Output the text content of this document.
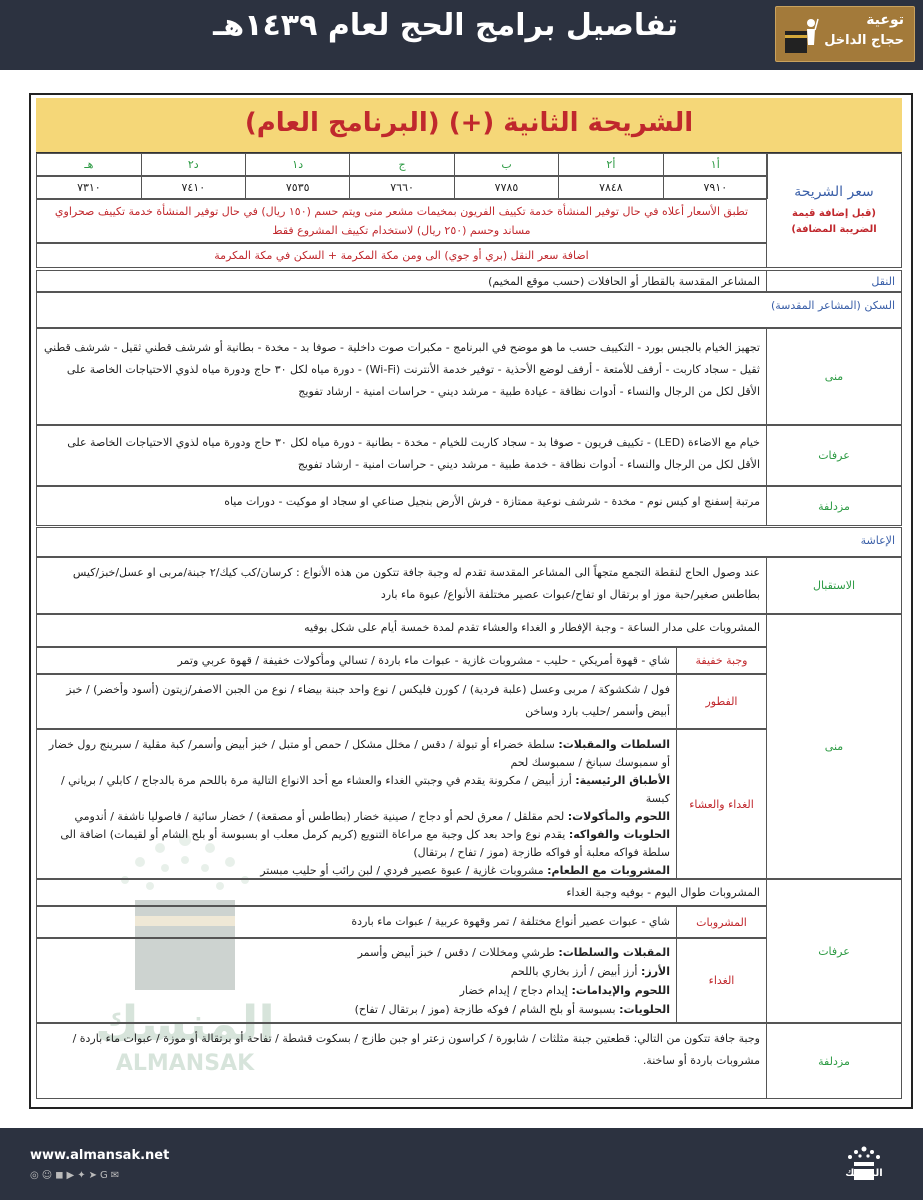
تفاصيل برامج الحج لعام ١٤٣٩هـ	توعية
حجاج الداخل
المنسك
ALMANSAK
الشريحة الثانية (+) (البرنامج العام)
سعر الشريحة
(قبل إضافة قيمة الضريبة المضافة)
أ١
٧٩١٠
أ٢
٧٨٤٨
ب
٧٧٨٥
ج
٧٦٦٠
د١
٧٥٣٥
د٢
٧٤١٠
هـ
٧٣١٠
تطبق الأسعار أعلاه في حال توفير المنشأة خدمة تكييف الفريون بمخيمات مشعر منى ويتم حسم (١٥٠ ريال) في حال توفير المنشأة خدمة تكييف صحراوي مساند وحسم (٢٥٠ ريال) لاستخدام تكييف المشروع فقط
اضافة سعر النقل (بري أو جوي) الى ومن مكة المكرمة + السكن في مكة المكرمة
النقل
المشاعر المقدسة بالقطار أو الحافلات (حسب موقع المخيم)
السكن (المشاعر المقدسة)
منى
تجهيز الخيام بالجبس بورد - التكييف حسب ما هو موضح في البرنامج - مكبرات صوت داخلية - صوفا بد - مخدة - بطانية أو شرشف قطني ثقيل - شرشف قطني ثقيل - سجاد كاربت - أرفف للأمتعة - أرفف لوضع الأحذية - توفير خدمة الأنترنت (Wi-Fi) - دورة مياه لكل ٣٠ حاج ودورة مياه لذوي الاحتياجات الخاصة على الأقل لكل من الرجال والنساء - أدوات نظافة - عيادة طبية - مرشد ديني - حراسات امنية - ارشاد تفويج
عرفات
خيام مع الاضاءة (LED) - تكييف فريون - صوفا بد - سجاد كاربت للخيام - مخدة - بطانية - دورة مياه لكل ٣٠ حاج ودورة مياه لذوي الاحتياجات الخاصة على الأقل لكل من الرجال والنساء - أدوات نظافة - خدمة طبية - مرشد ديني - حراسات امنية - ارشاد تفويج
مزدلفة
مرتبة إسفنج او كيس نوم - مخدة - شرشف نوعية ممتازة - فرش الأرض بنجيل صناعي او سجاد او موكيت - دورات مياه
الإعاشة
الاستقبال
عند وصول الحاج لنقطة التجمع متجهاً الى المشاعر المقدسة تقدم له وجبة جافة تتكون من هذه الأنواع : كرسان/كب كيك/٢ جبنة/مربى او عسل/خبز/كيس بطاطس صغير/حبة موز او برتقال او تفاح/عبوات عصير مختلفة الأنواع/ عبوة ماء بارد
منى
المشروبات على مدار الساعة - وجبة الإفطار و الغداء والعشاء تقدم لمدة خمسة أيام على شكل بوفيه
وجبة خفيفة
شاي - قهوة أمريكي - حليب - مشروبات غازية - عبوات ماء باردة / تسالي ومأكولات خفيفة / قهوة عربي وتمر
الفطور
فول / شكشوكة / مربى وعسل (علبة فردية) / كورن فليكس / نوع واحد جبنة بيضاء / نوع من الجبن الاصفر/زيتون (أسود وأخضر) / خبز أبيض وأسمر /حليب بارد وساخن
الغداء والعشاء
السلطات والمقبلات: سلطة خضراء أو تبولة / دقس / مخلل مشكل / حمص أو متبل / خبز أبيض وأسمر/ كبة مقلية / سبرينج رول خضار أو سمبوسك سبانخ / سمبوسك لحم
الأطباق الرئيسية: أرز أبيض / مكرونة يقدم في وجبتي الغداء والعشاء مع أحد الانواع التالية مرة باللحم مرة بالدجاج / كابلي / برياني / كبسة
اللحوم والمأكولات: لحم مقلقل / معرق لحم أو دجاج / صينية خضار (بطاطس أو مصقعة) / خضار سائية / فاصوليا ناشفة / أندومي
الحلويات والفواكه: يقدم نوع واحد بعد كل وجبة مع مراعاة التنويع (كريم كرمل معلب او بسبوسة أو بلح الشام أو لقيمات) اضافة الى سلطة فواكه معلبة أو فواكه طازجة (موز / تفاح / برتقال)
المشروبات مع الطعام: مشروبات غازية / عبوة عصير فردي / لبن رائب أو حليب مبستر
عرفات
المشروبات طوال اليوم - بوفيه وجبة الغداء
المشروبات
شاي - عبوات عصير أنواع مختلفة / تمر وقهوة عربية / عبوات ماء باردة
الغداء
المقبلات والسلطات: طرشي ومخللات / دقس / خبز أبيض وأسمر
الأرز: أرز أبيض / أرز بخاري باللحم
اللحوم والإيدامات: إيدام دجاج / إيدام خضار
الحلويات: بسبوسة أو بلح الشام / فوكه طازجة (موز / برتقال / تفاح)
مزدلفة
وجبة جافة تتكون من التالي: قطعتين جبنة مثلثات / شابورة / كراسون زعتر او جبن طازج / بسكوت قشطة / تفاحة أو برتقالة أو موزة / عبوات ماء باردة /مشروبات باردة أو ساخنة.
www.almansak.net
◎☺◼▶✦➤G✉	المنسك
